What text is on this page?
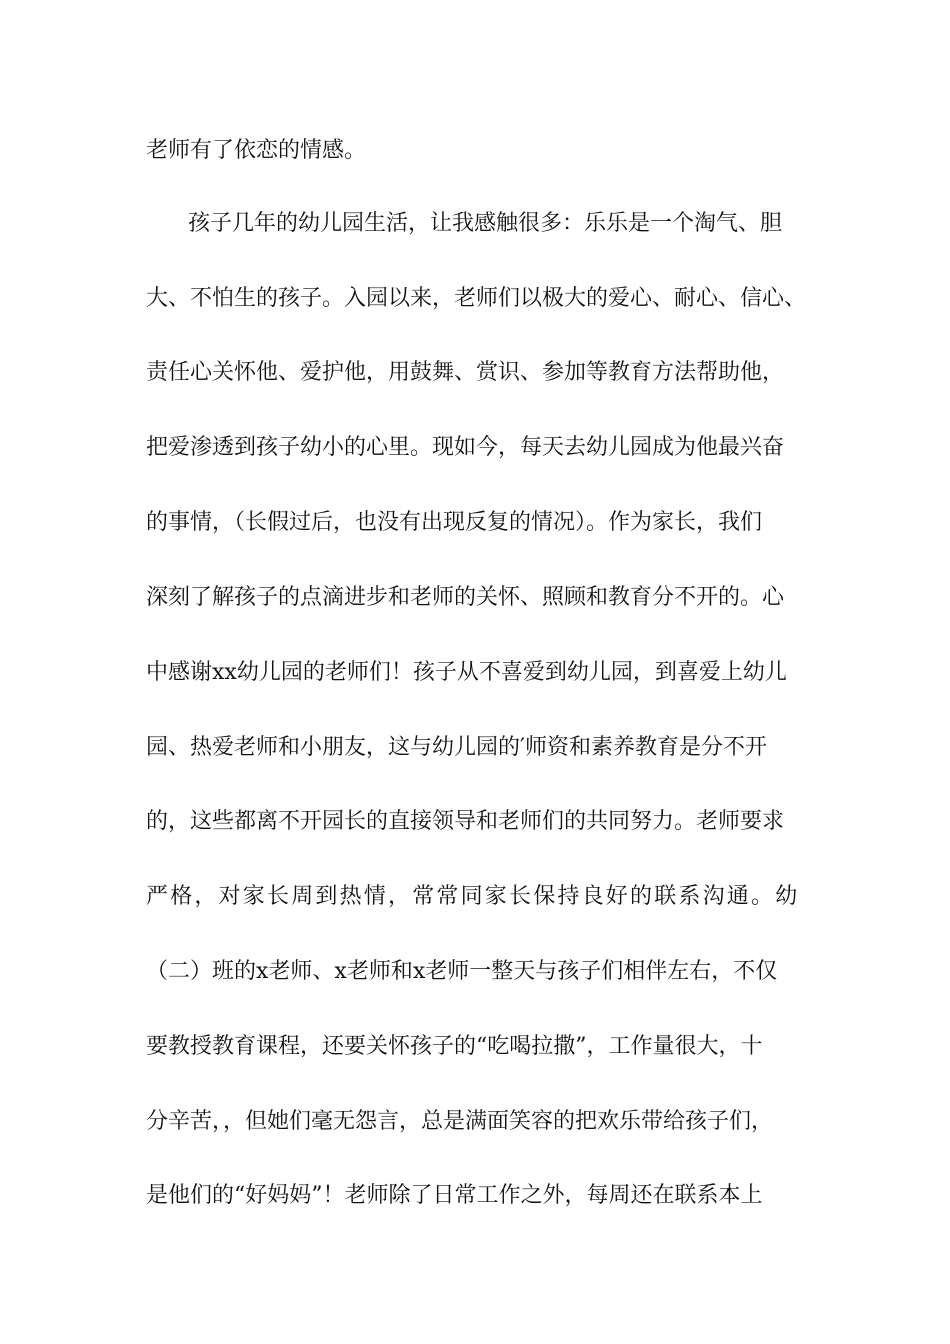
老师有了依恋的情感。
孩子几年的幼儿园生活，让我感触很多：乐乐是一个淘气、胆
大、不怕生的孩子。入园以来，老师们以极大的爱心、耐心、信心、
责任心关怀他、爱护他，用鼓舞、赏识、参加等教育方法帮助他，
把爱渗透到孩子幼小的心里。现如今，每天去幼儿园成为他最兴奋
的事情，（长假过后，也没有出现反复的情况）。作为家长，我们
深刻了解孩子的点滴进步和老师的关怀、照顾和教育分不开的。心
中感谢xx幼儿园的老师们！孩子从不喜爱到幼儿园，到喜爱上幼儿
园、热爱老师和小朋友，这与幼儿园的′师资和素养教育是分不开
的，这些都离不开园长的直接领导和老师们的共同努力。老师要求
严格，对家长周到热情，常常同家长保持良好的联系沟通。幼
（二）班的x老师、x老师和x老师一整天与孩子们相伴左右，不仅
要教授教育课程，还要关怀孩子的“吃喝拉撒”，工作量很大，十
分辛苦，，但她们毫无怨言，总是满面笑容的把欢乐带给孩子们，
是他们的“好妈妈”！老师除了日常工作之外，每周还在联系本上
